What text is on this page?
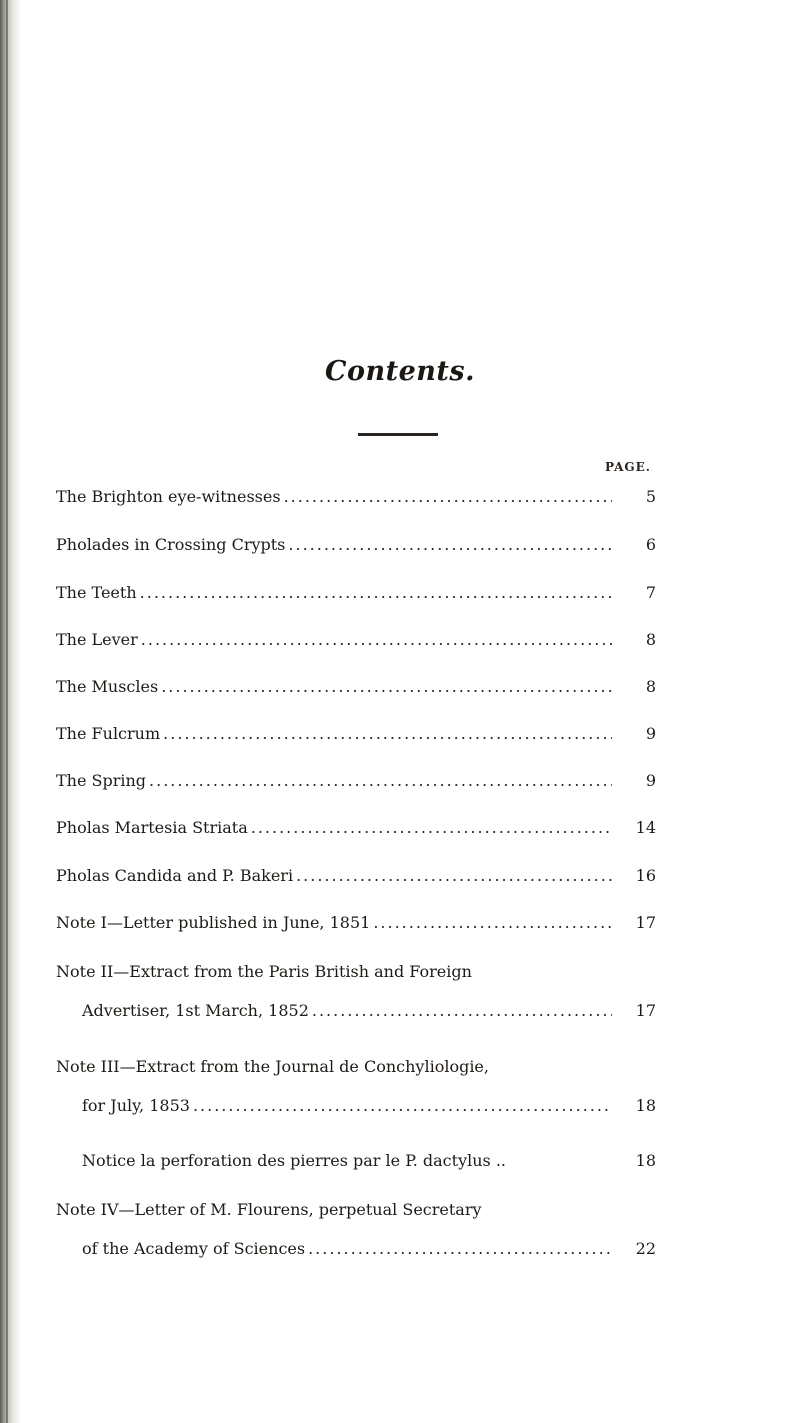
Contents.
PAGE.
The Brighton eye-witnesses .....	5
Pholades in Crossing Crypts .....	6
The Teeth .....	7
The Lever .....	8
The Muscles .....	8
The Fulcrum .....	9
The Spring .....	9
Pholas Martesia Striata .....	14
Pholas Candida and P. Bakeri .....	16
Note I—Letter published in June, 1851 .....	17
Note II—Extract from the Paris British and Foreign
Advertiser, 1st March, 1852 .....	17
Note III—Extract from the Journal de Conchyliologie,
for July, 1853 .....	18
Notice la perforation des pierres par le P. dactylus ..	18
Note IV—Letter of M. Flourens, perpetual Secretary
of the Academy of Sciences .....	22
